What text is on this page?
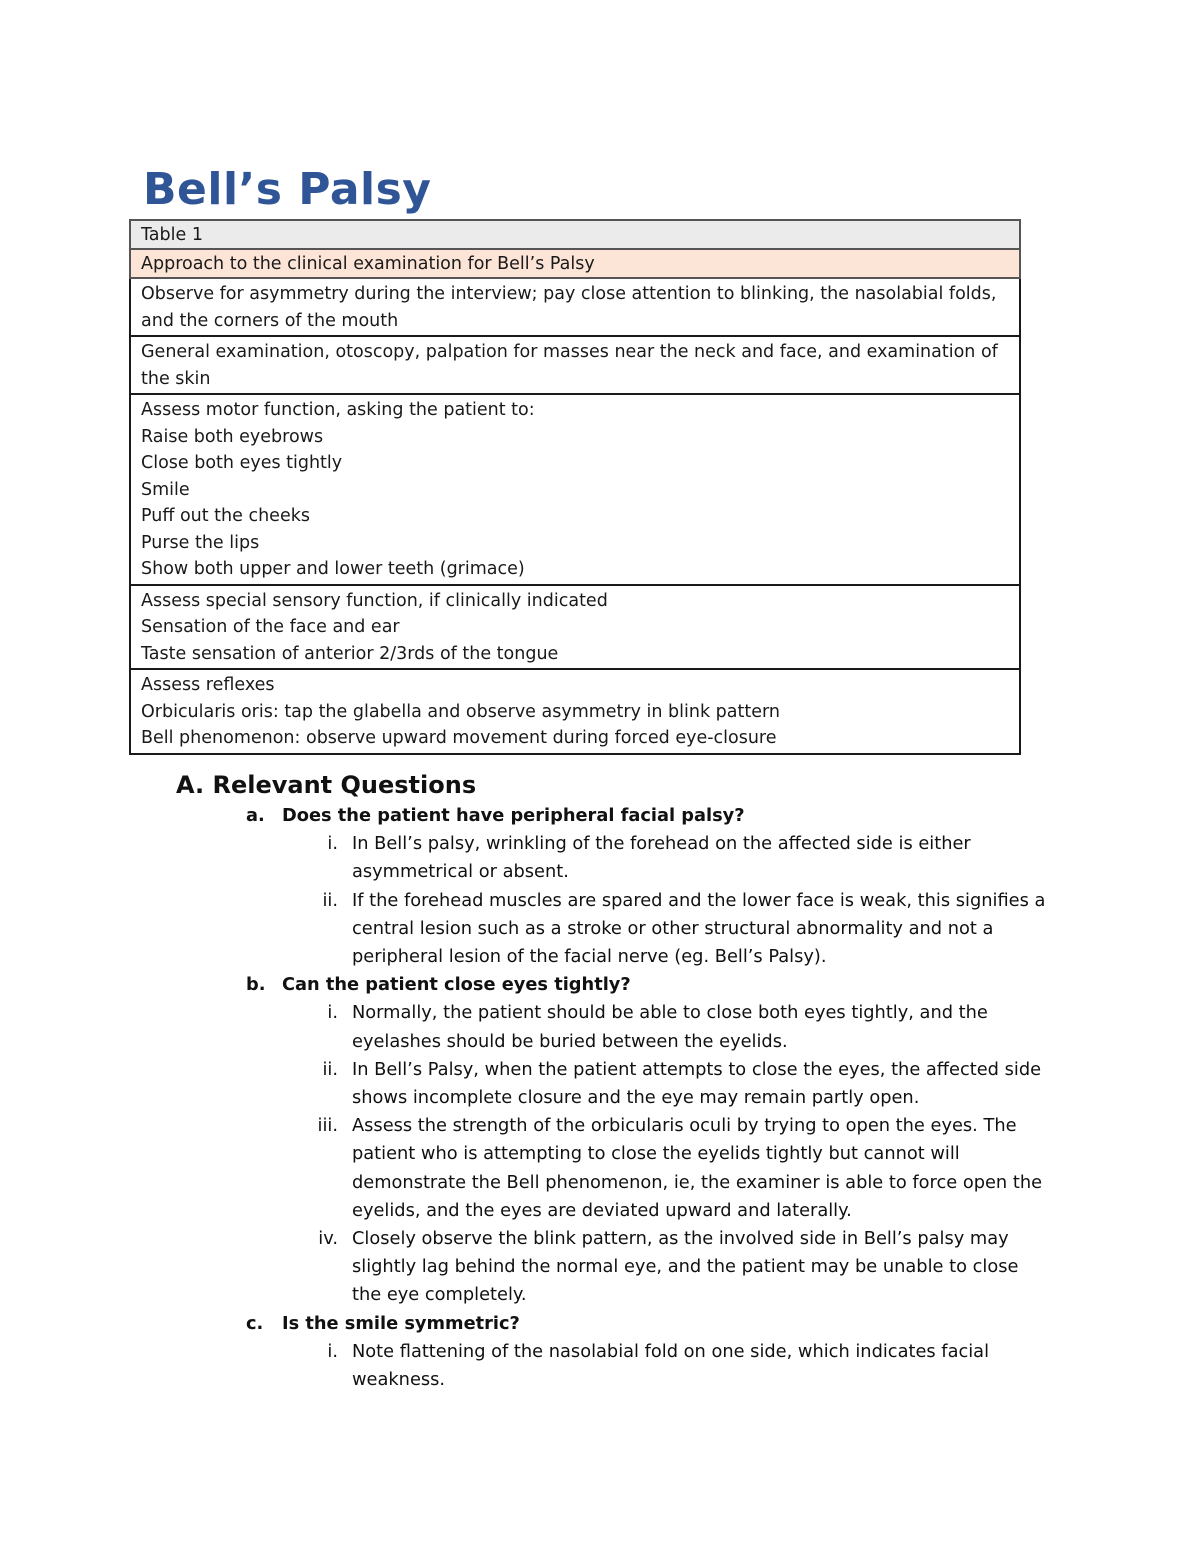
Bell’s Palsy
Table 1
Approach to the clinical examination for Bell’s Palsy

Observe for asymmetry during the interview; pay close attention to blinking, the nasolabial folds,
and the corners of the mouth

General examination, otoscopy, palpation for masses near the neck and face, and examination of
the skin

Assess motor function, asking the patient to:
Raise both eyebrows
Close both eyes tightly
Smile
Puff out the cheeks
Purse the lips
Show both upper and lower teeth (grimace)

Assess special sensory function, if clinically indicated
Sensation of the face and ear
Taste sensation of anterior 2/3rds of the tongue

Assess reflexes
Orbicularis oris: tap the glabella and observe asymmetry in blink pattern
Bell phenomenon: observe upward movement during forced eye-closure
A. Relevant Questions
a. Does the patient have peripheral facial palsy?
i. In Bell’s palsy, wrinkling of the forehead on the affected side is either asymmetrical or absent.
ii. If the forehead muscles are spared and the lower face is weak, this signifies a central lesion such as a stroke or other structural abnormality and not a peripheral lesion of the facial nerve (eg. Bell’s Palsy).
b. Can the patient close eyes tightly?
i. Normally, the patient should be able to close both eyes tightly, and the eyelashes should be buried between the eyelids.
ii. In Bell’s Palsy, when the patient attempts to close the eyes, the affected side shows incomplete closure and the eye may remain partly open.
iii. Assess the strength of the orbicularis oculi by trying to open the eyes. The patient who is attempting to close the eyelids tightly but cannot will demonstrate the Bell phenomenon, ie, the examiner is able to force open the eyelids, and the eyes are deviated upward and laterally.
iv. Closely observe the blink pattern, as the involved side in Bell’s palsy may slightly lag behind the normal eye, and the patient may be unable to close the eye completely.
c. Is the smile symmetric?
i. Note flattening of the nasolabial fold on one side, which indicates facial weakness.
